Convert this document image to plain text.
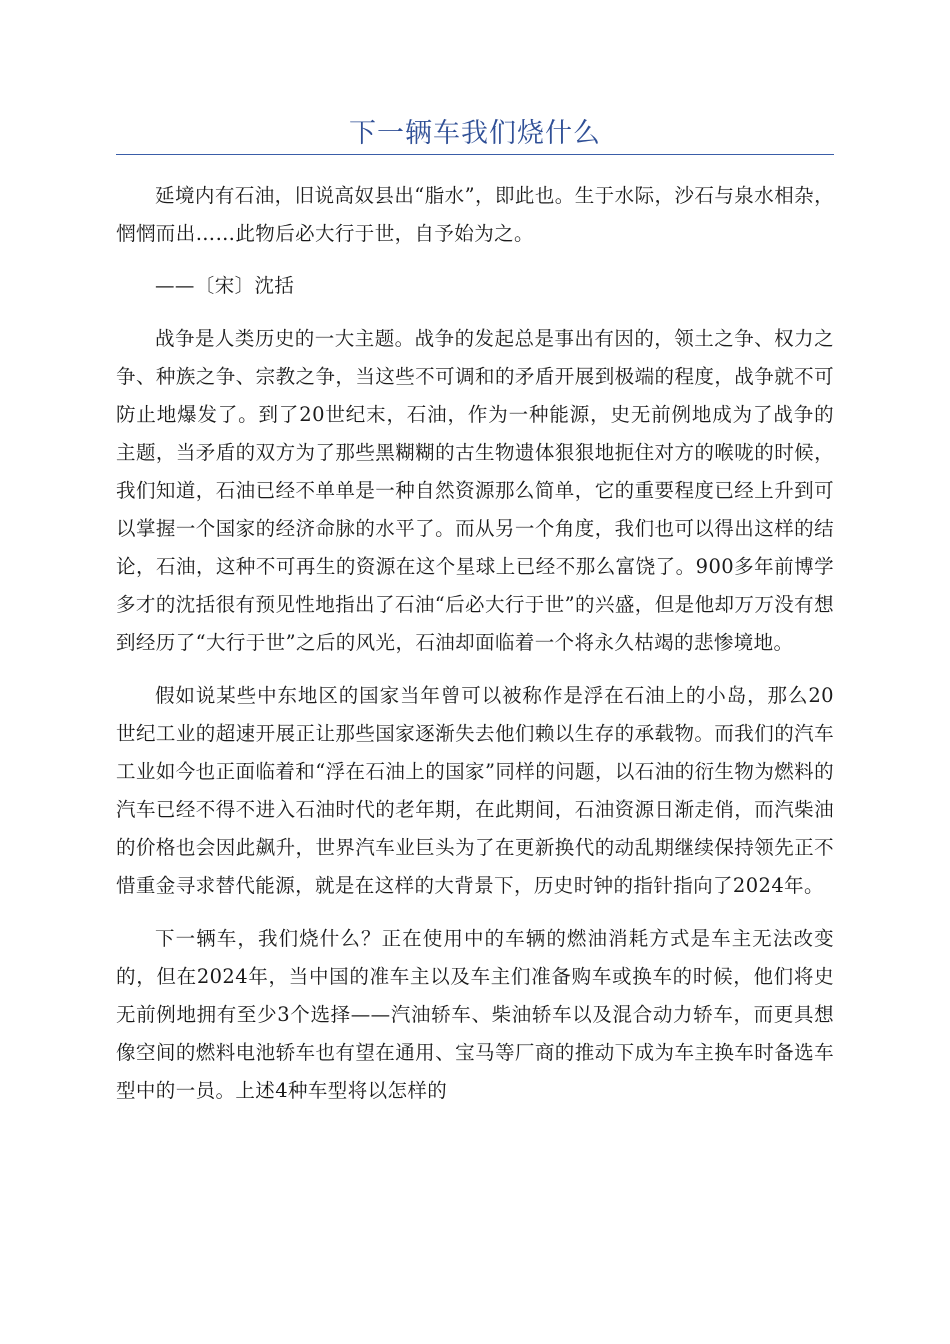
下一辆车我们烧什么

延境内有石油，旧说高奴县出“脂水”，即此也。生于水际，沙石与泉水相杂，惘惘而出……此物后必大行于世，自予始为之。

——〔宋〕沈括

战争是人类历史的一大主题。战争的发起总是事出有因的，领土之争、权力之争、种族之争、宗教之争，当这些不可调和的矛盾开展到极端的程度，战争就不可防止地爆发了。到了20世纪末，石油，作为一种能源，史无前例地成为了战争的主题，当矛盾的双方为了那些黑糊糊的古生物遗体狠狠地扼住对方的喉咙的时候，我们知道，石油已经不单单是一种自然资源那么简单，它的重要程度已经上升到可以掌握一个国家的经济命脉的水平了。而从另一个角度，我们也可以得出这样的结论，石油，这种不可再生的资源在这个星球上已经不那么富饶了。900多年前博学多才的沈括很有预见性地指出了石油“后必大行于世”的兴盛，但是他却万万没有想到经历了“大行于世”之后的风光，石油却面临着一个将永久枯竭的悲惨境地。

假如说某些中东地区的国家当年曾可以被称作是浮在石油上的小岛，那么20世纪工业的超速开展正让那些国家逐渐失去他们赖以生存的承载物。而我们的汽车工业如今也正面临着和“浮在石油上的国家”同样的问题，以石油的衍生物为燃料的汽车已经不得不进入石油时代的老年期，在此期间，石油资源日渐走俏，而汽柴油的价格也会因此飙升，世界汽车业巨头为了在更新换代的动乱期继续保持领先正不惜重金寻求替代能源，就是在这样的大背景下，历史时钟的指针指向了2024年。

下一辆车，我们烧什么？正在使用中的车辆的燃油消耗方式是车主无法改变的，但在2024年，当中国的准车主以及车主们准备购车或换车的时候，他们将史无前例地拥有至少3个选择——汽油轿车、柴油轿车以及混合动力轿车，而更具想像空间的燃料电池轿车也有望在通用、宝马等厂商的推动下成为车主换车时备选车型中的一员。上述4种车型将以怎样的
